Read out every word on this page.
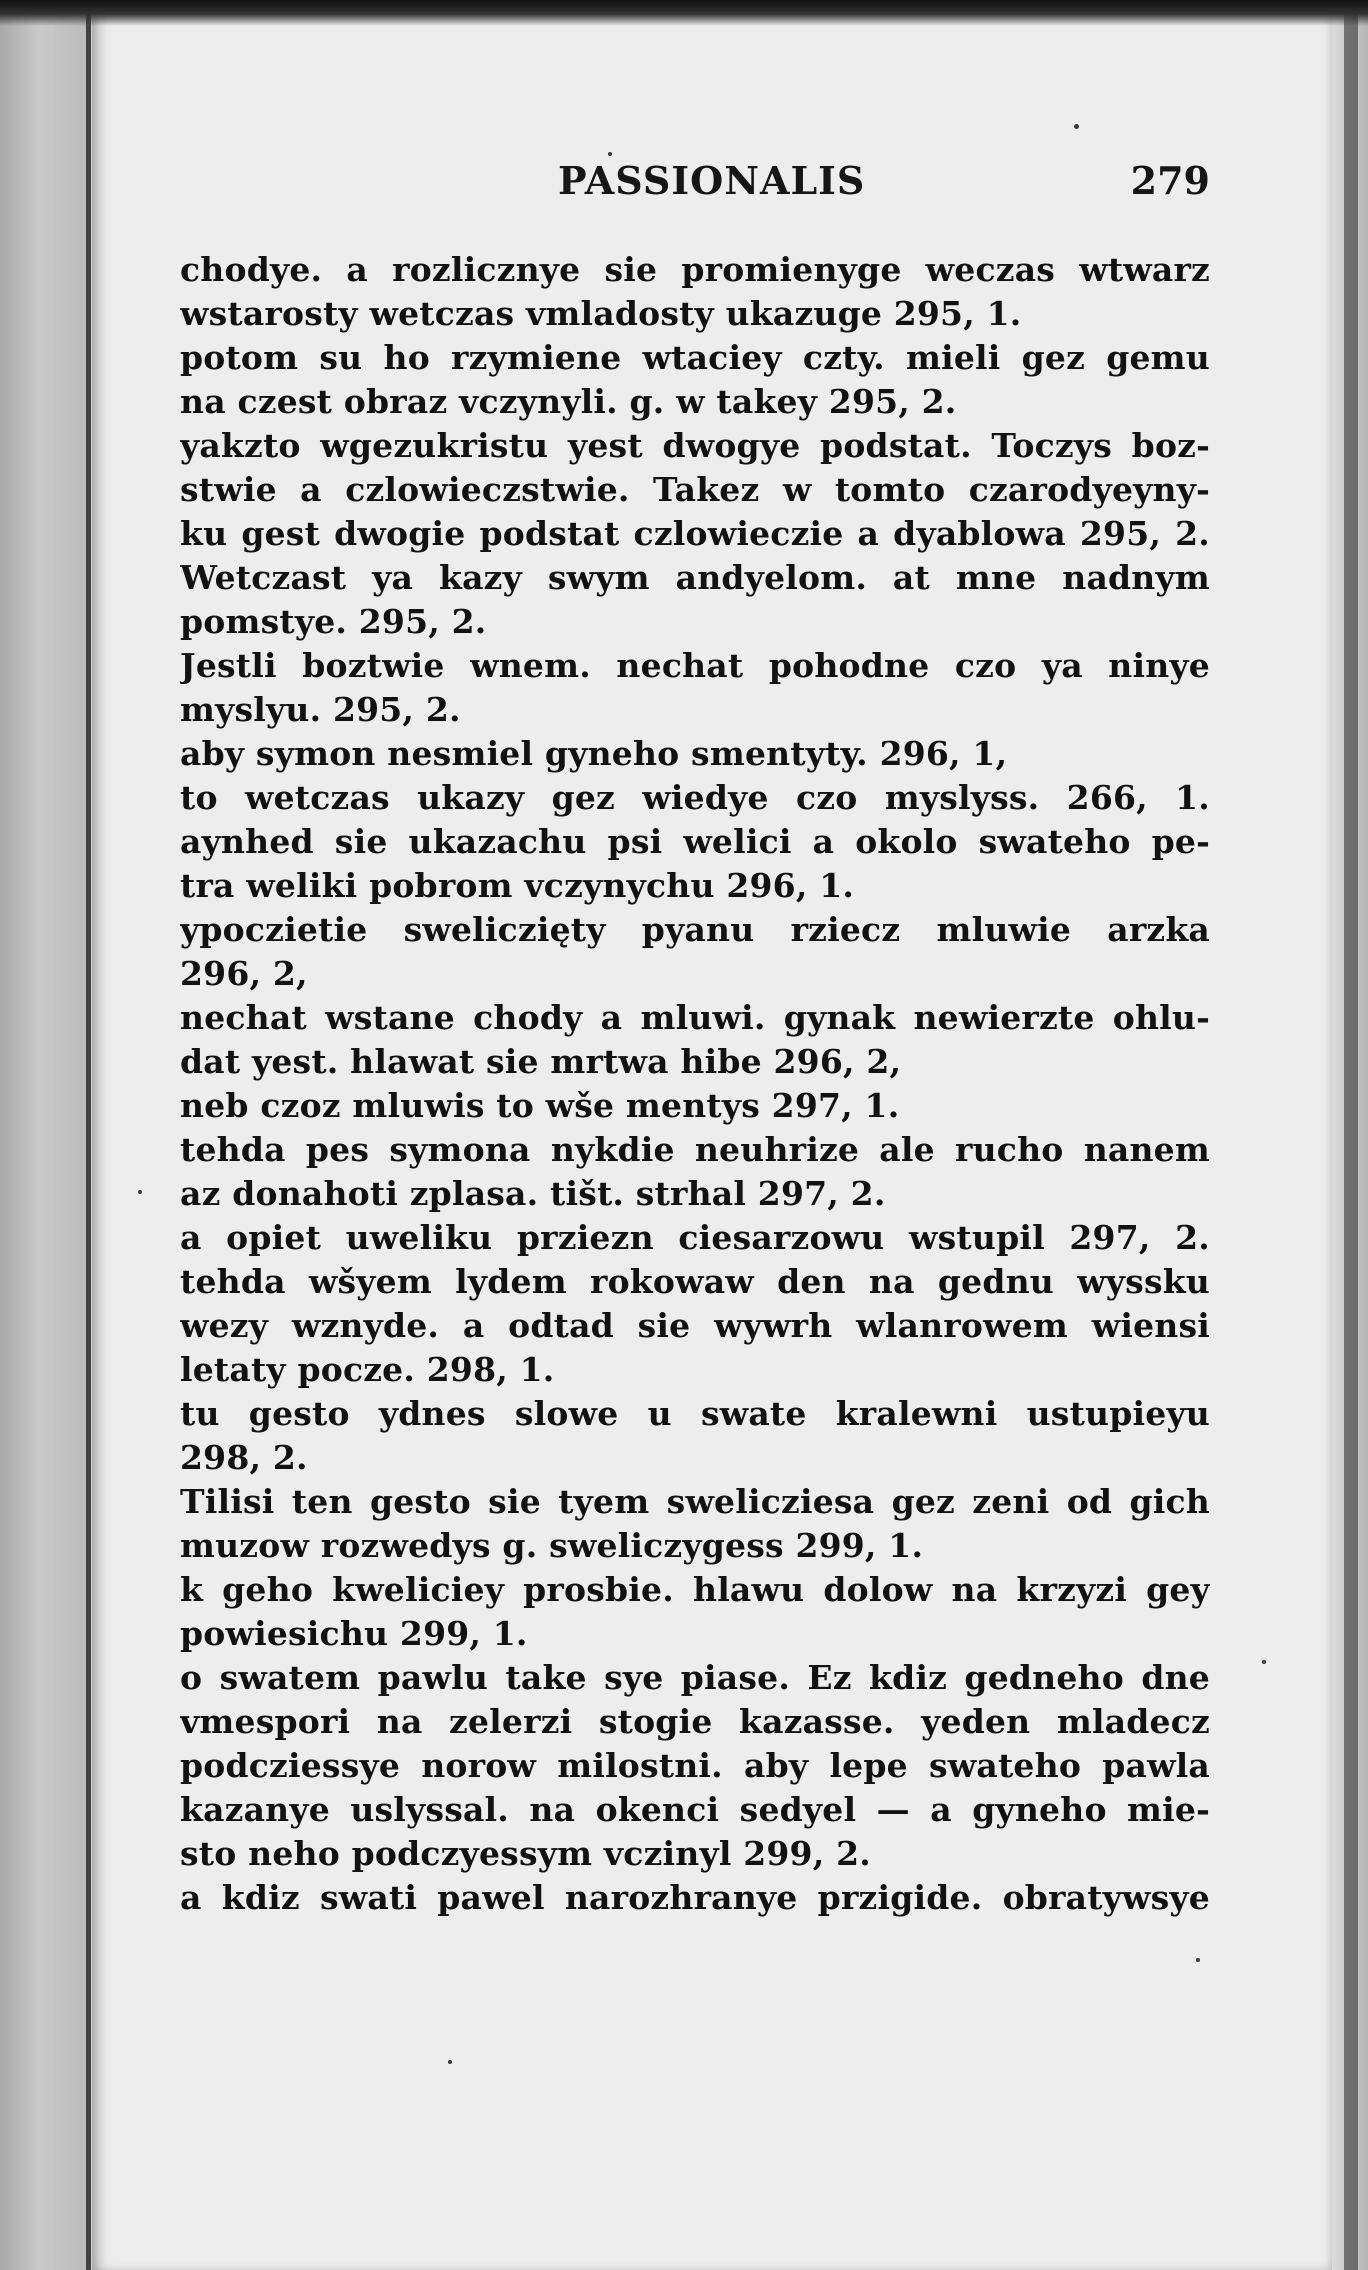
PASSIONALIS	279
chodye. a rozlicznye sie promienyge weczas wtwarz
wstarosty wetczas vmladosty ukazuge 295, 1.
potom su ho rzymiene wtaciey czty. mieli gez gemu
na czest obraz vczynyli. g. w takey 295, 2.
yakzto wgezukristu yest dwogye podstat. Toczys boz-
stwie a czlowieczstwie. Takez w tomto czarodyeyny-
ku gest dwogie podstat czlowieczie a dyablowa 295, 2.
Wetczast ya kazy swym andyelom. at mne nadnym
pomstye. 295, 2.
Jestli boztwie wnem. nechat pohodne czo ya ninye
myslyu. 295, 2.
aby symon nesmiel gyneho smentyty. 296, 1,
to wetczas ukazy gez wiedye czo myslyss. 266, 1.
aynhed sie ukazachu psi welici a okolo swateho pe-
tra weliki pobrom vczynychu 296, 1.
ypoczietie sweliczięty pyanu rziecz mluwie arzka
296, 2,
nechat wstane chody a mluwi. gynak newierzte ohlu-
dat yest. hlawat sie mrtwa hibe 296, 2,
neb czoz mluwis to wše mentys 297, 1.
tehda pes symona nykdie neuhrize ale rucho nanem
az donahoti zplasa. tišt. strhal 297, 2.
a opiet uweliku prziezn ciesarzowu wstupil 297, 2.
tehda wšyem lydem rokowaw den na gednu wyssku
wezy wznyde. a odtad sie wywrh wlanrowem wiensi
letaty pocze. 298, 1.
tu gesto ydnes slowe u swate kralewni ustupieyu
298, 2.
Tilisi ten gesto sie tyem swelicziesa gez zeni od gich
muzow rozwedys g. sweliczygess 299, 1.
k geho kweliciey prosbie. hlawu dolow na krzyzi gey
powiesichu 299, 1.
o swatem pawlu take sye piase. Ez kdiz gedneho dne
vmespori na zelerzi stogie kazasse. yeden mladecz
podcziessye norow milostni. aby lepe swateho pawla
kazanye uslyssal. na okenci sedyel — a gyneho mie-
sto neho podczyessym vczinyl 299, 2.
a kdiz swati pawel narozhranye przigide. obratywsye
